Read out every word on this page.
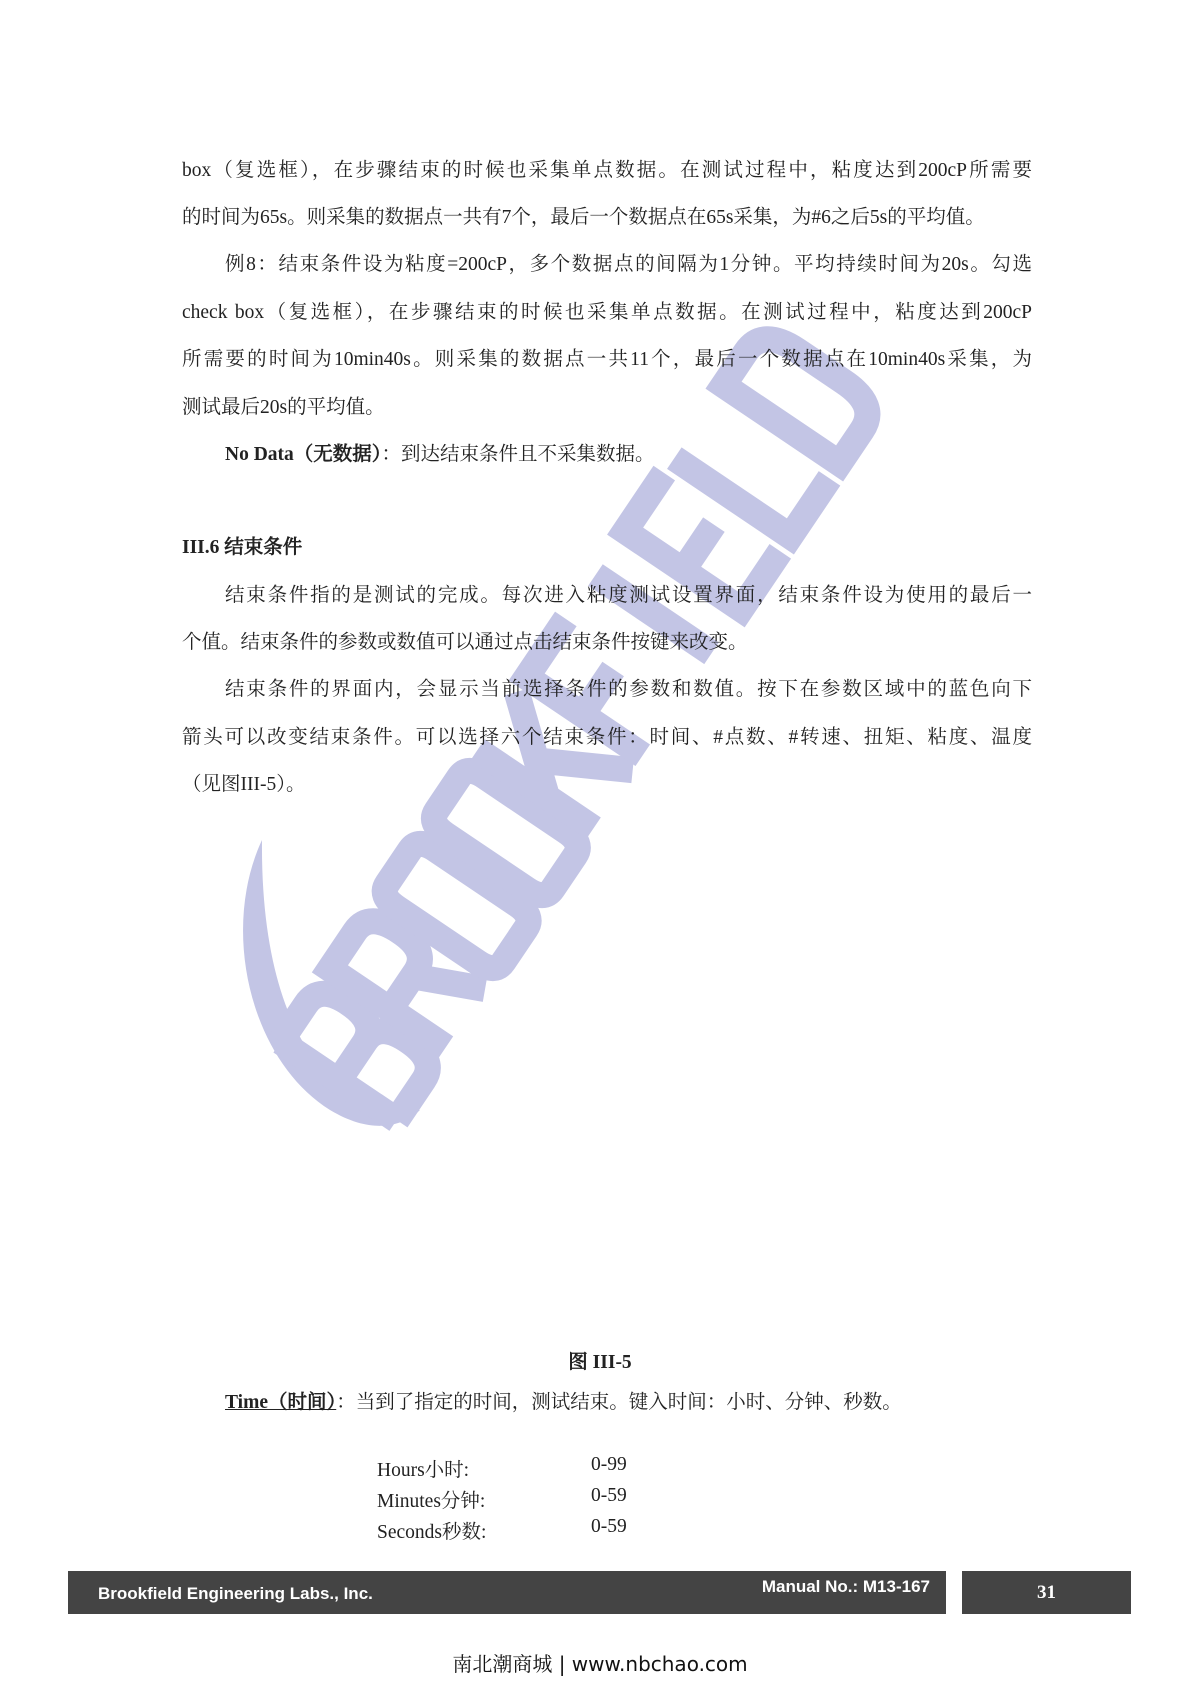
box（复选框），在步骤结束的时候也采集单点数据。在测试过程中，粘度达到200cP所需要
的时间为65s。则采集的数据点一共有7个，最后一个数据点在65s采集，为#6之后5s的平均值。
例8：结束条件设为粘度=200cP，多个数据点的间隔为1分钟。平均持续时间为20s。勾选
check box（复选框），在步骤结束的时候也采集单点数据。在测试过程中，粘度达到200cP
所需要的时间为10min40s。则采集的数据点一共11个，最后一个数据点在10min40s采集，为
测试最后20s的平均值。
No Data（无数据）：到达结束条件且不采集数据。
III.6 结束条件
结束条件指的是测试的完成。每次进入粘度测试设置界面，结束条件设为使用的最后一
个值。结束条件的参数或数值可以通过点击结束条件按键来改变。
结束条件的界面内，会显示当前选择条件的参数和数值。按下在参数区域中的蓝色向下
箭头可以改变结束条件。可以选择六个结束条件：时间、#点数、#转速、扭矩、粘度、温度
（见图III-5）。
图 III-5
Time（时间）：当到了指定的时间，测试结束。键入时间：小时、分钟、秒数。
Hours小时:	0-99
Minutes分钟:	0-59
Seconds秒数:	0-59
Brookfield Engineering Labs., Inc.	Manual No.: M13-167	31
南北潮商城 | www.nbchao.com
